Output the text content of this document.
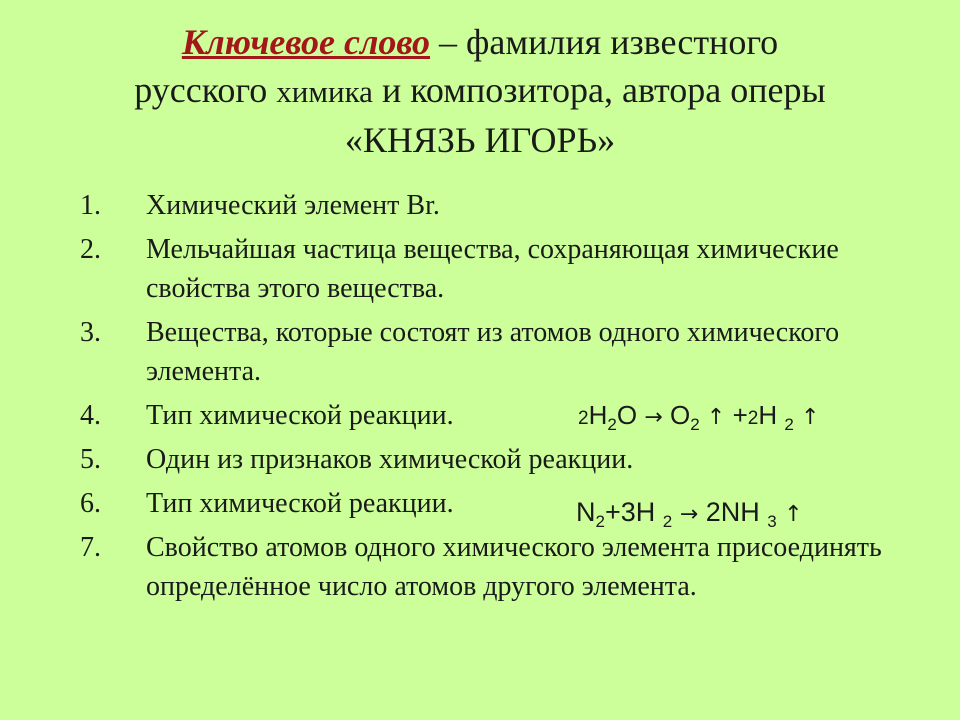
Ключевое слово – фамилия известного
русского химика и композитора, автора оперы
«КНЯЗЬ ИГОРЬ»
1.	Химический элемент Br.
2.	Мельчайшая частица вещества, сохраняющая химические свойства этого вещества.
3.	Вещества, которые состоят из атомов одного химического элемента.
4.	Тип химической реакции.
5.	Один из признаков химической реакции.
6.	Тип химической реакции.
7.	Свойство атомов одного химического элемента присоединять определённое число атомов другого элемента.
$2H_2O \to O_2$ ↑ +2H $_2$ ↑
$N_2+3H$ $_2$ → 2NH $_3$ ↑
